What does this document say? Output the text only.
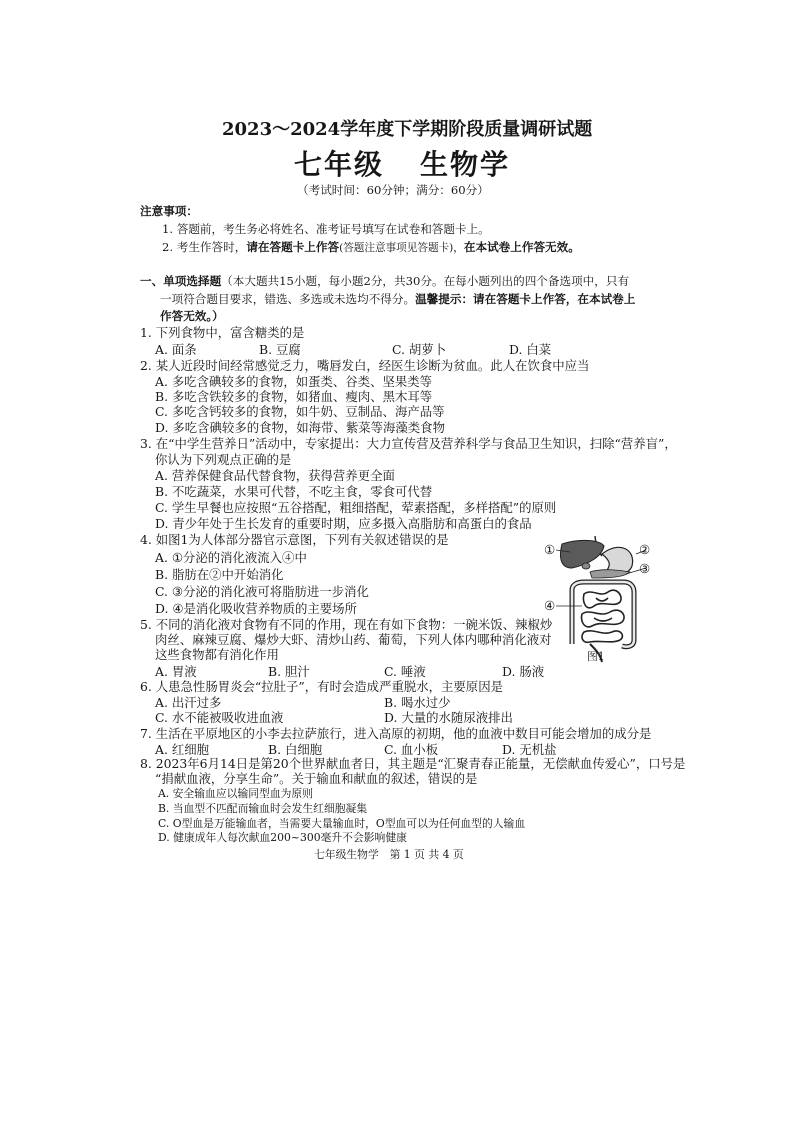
2023～2024学年度下学期阶段质量调研试题
七年级 生物学
（考试时间：60分钟；满分：60分）
注意事项：
1. 答题前，考生务必将姓名、准考证号填写在试卷和答题卡上。
2. 考生作答时，请在答题卡上作答(答题注意事项见答题卡)，在本试卷上作答无效。
一、单项选择题（本大题共15小题，每小题2分，共30分。在每小题列出的四个备选项中，只有
一项符合题目要求，错选、多选或未选均不得分。温馨提示：请在答题卡上作答，在本试卷上
作答无效。）
1. 下列食物中，富含糖类的是
A. 面条	B. 豆腐	C. 胡萝卜	D. 白菜
2. 某人近段时间经常感觉乏力，嘴唇发白，经医生诊断为贫血。此人在饮食中应当
A. 多吃含碘较多的食物，如蛋类、谷类、坚果类等
B. 多吃含铁较多的食物，如猪血、瘦肉、黑木耳等
C. 多吃含钙较多的食物，如牛奶、豆制品、海产品等
D. 多吃含碘较多的食物，如海带、紫菜等海藻类食物
3. 在“中学生营养日”活动中，专家提出：大力宣传营及营养科学与食品卫生知识，扫除“营养盲”，
你认为下列观点正确的是
A. 营养保健食品代替食物，获得营养更全面
B. 不吃蔬菜，水果可代替，不吃主食，零食可代替
C. 学生早餐也应按照“五谷搭配，粗细搭配，荤素搭配，多样搭配”的原则
D. 青少年处于生长发育的重要时期，应多摄入高脂肪和高蛋白的食品
4. 如图1为人体部分器官示意图，下列有关叙述错误的是
A. ①分泌的消化液流入④中
B. 脂肪在②中开始消化
C. ③分泌的消化液可将脂肪进一步消化
D. ④是消化吸收营养物质的主要场所
①	②
③
④
图1
5. 不同的消化液对食物有不同的作用，现在有如下食物：一碗米饭、辣椒炒
肉丝、麻辣豆腐、爆炒大虾、清炒山药、葡萄，下列人体内哪种消化液对
这些食物都有消化作用
A. 胃液	B. 胆汁	C. 唾液	D. 肠液
6. 人患急性肠胃炎会“拉肚子”，有时会造成严重脱水，主要原因是
A. 出汗过多	B. 喝水过少
C. 水不能被吸收进血液	D. 大量的水随尿液排出
7. 生活在平原地区的小李去拉萨旅行，进入高原的初期，他的血液中数目可能会增加的成分是
A. 红细胞	B. 白细胞	C. 血小板	D. 无机盐
8. 2023年6月14日是第20个世界献血者日，其主题是“汇聚青春正能量，无偿献血传爱心”，口号是
“捐献血液，分享生命”。关于输血和献血的叙述，错误的是
A. 安全输血应以输同型血为原则
B. 当血型不匹配而输血时会发生红细胞凝集
C. O型血是万能输血者，当需要大量输血时，O型血可以为任何血型的人输血
D. 健康成年人每次献血200~300毫升不会影响健康
七年级生物学　第 1 页 共 4 页
